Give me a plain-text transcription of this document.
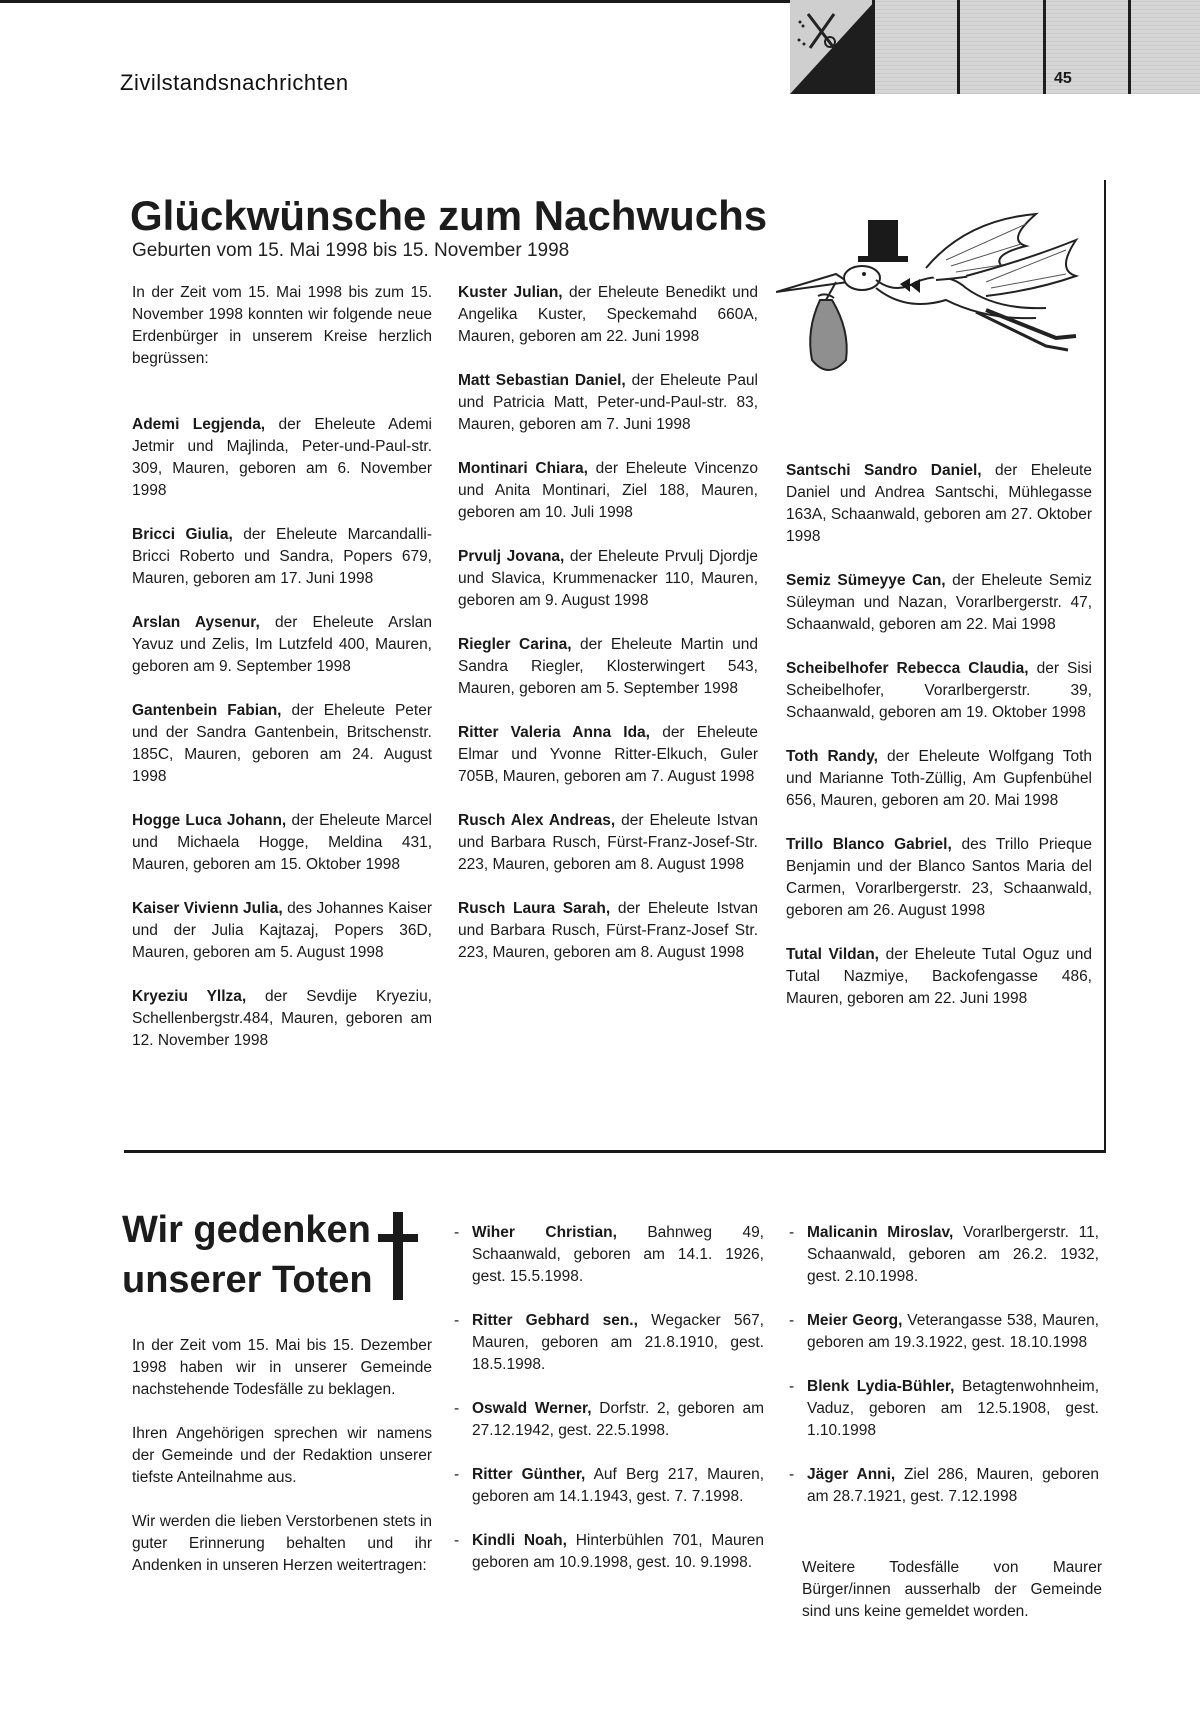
Zivilstandsnachrichten	45
Glückwünsche zum Nachwuchs
Geburten vom 15. Mai 1998 bis 15. November 1998
In der Zeit vom 15. Mai 1998 bis zum 15. November 1998 konnten wir folgende neue Erdenbürger in unserem Kreise herzlich begrüssen:
Ademi Legjenda, der Eheleute Ademi Jetmir und Majlinda, Peter-und-Paul-str. 309, Mauren, geboren am 6. November 1998
Bricci Giulia, der Eheleute Marcandalli-Bricci Roberto und Sandra, Popers 679, Mauren, geboren am 17. Juni 1998
Arslan Aysenur, der Eheleute Arslan Yavuz und Zelis, Im Lutzfeld 400, Mauren, geboren am 9. September 1998
Gantenbein Fabian, der Eheleute Peter und der Sandra Gantenbein, Britschenstr. 185C, Mauren, geboren am 24. August 1998
Hogge Luca Johann, der Eheleute Marcel und Michaela Hogge, Meldina 431, Mauren, geboren am 15. Oktober 1998
Kaiser Vivienn Julia, des Johannes Kaiser und der Julia Kajtazaj, Popers 36D, Mauren, geboren am 5. August 1998
Kryeziu Yllza, der Sevdije Kryeziu, Schellenbergstr.484, Mauren, geboren am 12. November 1998
Kuster Julian, der Eheleute Benedikt und Angelika Kuster, Speckemahd 660A, Mauren, geboren am 22. Juni 1998
Matt Sebastian Daniel, der Eheleute Paul und Patricia Matt, Peter-und-Paul-str. 83, Mauren, geboren am 7. Juni 1998
Montinari Chiara, der Eheleute Vincenzo und Anita Montinari, Ziel 188, Mauren, geboren am 10. Juli 1998
Prvulj Jovana, der Eheleute Prvulj Djordje und Slavica, Krummenacker 110, Mauren, geboren am 9. August 1998
Riegler Carina, der Eheleute Martin und Sandra Riegler, Klosterwingert 543, Mauren, geboren am 5. September 1998
Ritter Valeria Anna Ida, der Eheleute Elmar und Yvonne Ritter-Elkuch, Guler 705B, Mauren, geboren am 7. August 1998
Rusch Alex Andreas, der Eheleute Istvan und Barbara Rusch, Fürst-Franz-Josef-Str. 223, Mauren, geboren am 8. August 1998
Rusch Laura Sarah, der Eheleute Istvan und Barbara Rusch, Fürst-Franz-Josef Str. 223, Mauren, geboren am 8. August 1998
Santschi Sandro Daniel, der Eheleute Daniel und Andrea Santschi, Mühlegasse 163A, Schaanwald, geboren am 27. Oktober 1998
Semiz Sümeyye Can, der Eheleute Semiz Süleyman und Nazan, Vorarlbergerstr. 47, Schaanwald, geboren am 22. Mai 1998
Scheibelhofer Rebecca Claudia, der Sisi Scheibelhofer, Vorarlbergerstr. 39, Schaanwald, geboren am 19. Oktober 1998
Toth Randy, der Eheleute Wolfgang Toth und Marianne Toth-Züllig, Am Gupfenbühel 656, Mauren, geboren am 20. Mai 1998
Trillo Blanco Gabriel, des Trillo Prieque Benjamin und der Blanco Santos Maria del Carmen, Vorarlbergerstr. 23, Schaanwald, geboren am 26. August 1998
Tutal Vildan, der Eheleute Tutal Oguz und Tutal Nazmiye, Backofengasse 486, Mauren, geboren am 22. Juni 1998
Wir gedenken
unserer Toten

In der Zeit vom 15. Mai bis 15. Dezember 1998 haben wir in unserer Gemeinde nachstehende Todesfälle zu beklagen.

Ihren Angehörigen sprechen wir namens der Gemeinde und der Redaktion unserer tiefste Anteilnahme aus.

Wir werden die lieben Verstorbenen stets in guter Erinnerung behalten und ihr Andenken in unseren Herzen weitertragen:

- Wiher Christian, Bahnweg 49, Schaanwald, geboren am 14.1. 1926, gest. 15.5.1998.
- Ritter Gebhard sen., Wegacker 567, Mauren, geboren am 21.8.1910, gest. 18.5.1998.
- Oswald Werner, Dorfstr. 2, geboren am 27.12.1942, gest. 22.5.1998.
- Ritter Günther, Auf Berg 217, Mauren, geboren am 14.1.1943, gest. 7. 7.1998.
- Kindli Noah, Hinterbühlen 701, Mauren geboren am 10.9.1998, gest. 10. 9.1998.
- Malicanin Miroslav, Vorarlbergerstr. 11, Schaanwald, geboren am 26.2. 1932, gest. 2.10.1998.
- Meier Georg, Veterangasse 538, Mauren, geboren am 19.3.1922, gest. 18.10.1998
- Blenk Lydia-Bühler, Betagtenwohnheim, Vaduz, geboren am 12.5.1908, gest. 1.10.1998
- Jäger Anni, Ziel 286, Mauren, geboren am 28.7.1921, gest. 7.12.1998
Weitere Todesfälle von Maurer Bürger/innen ausserhalb der Gemeinde sind uns keine gemeldet worden.
